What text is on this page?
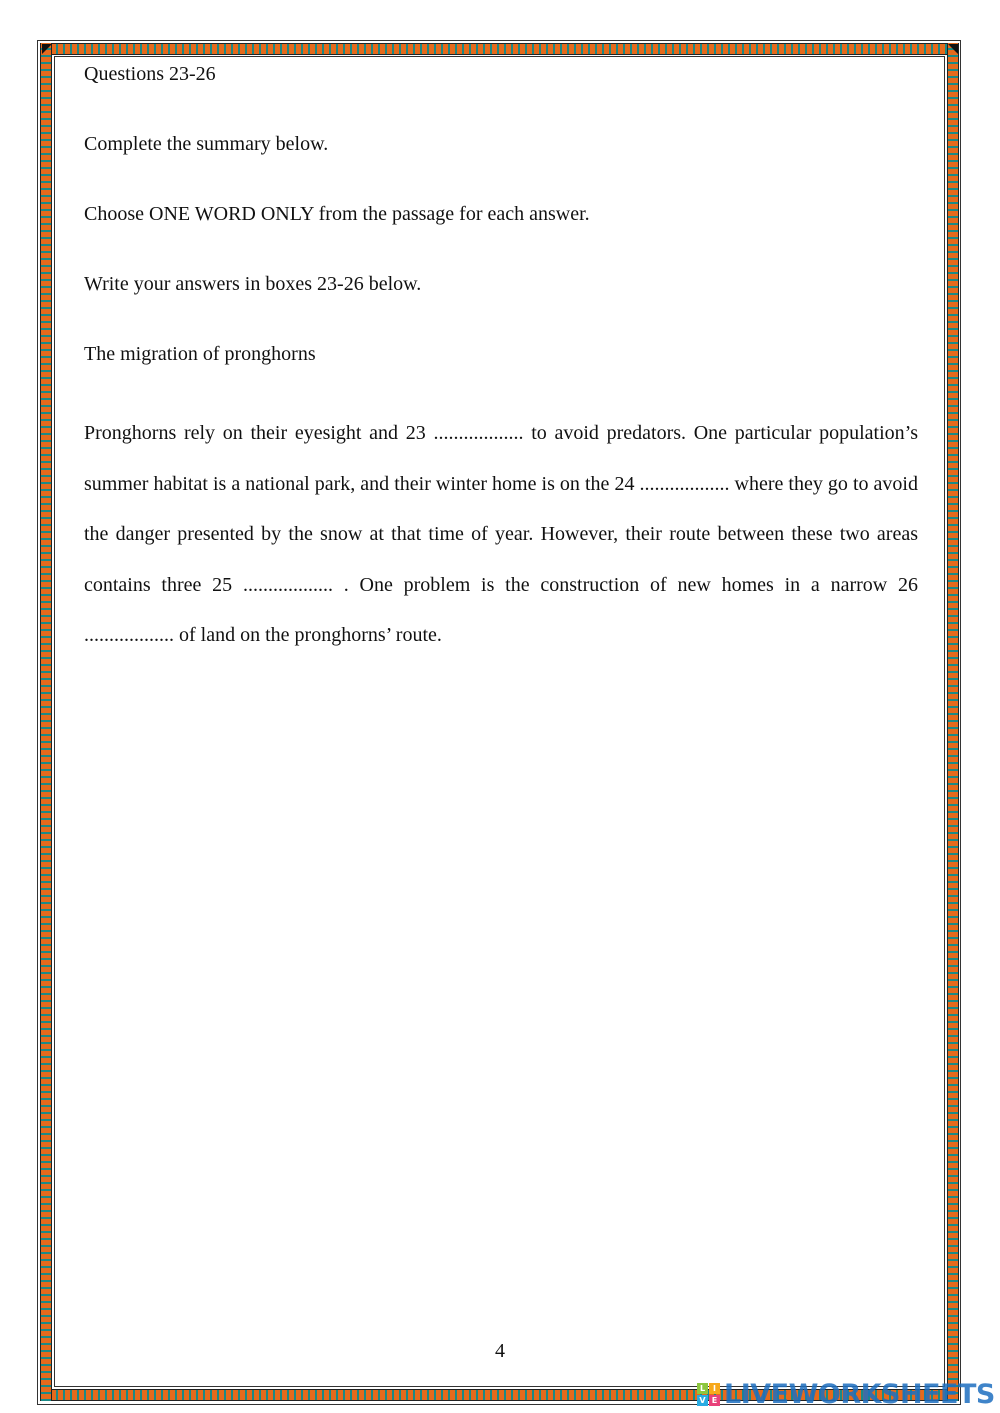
Questions 23-26

Complete the summary below.

Choose ONE WORD ONLY from the passage for each answer.

Write your answers in boxes 23-26 below.

The migration of pronghorns

Pronghorns rely on their eyesight and 23 .................. to avoid predators. One particular population’s summer habitat is a national park, and their winter home is on the 24 .................. where they go to avoid the danger presented by the snow at that time of year. However, their route between these two areas contains three 25 .................. . One problem is the construction of new homes in a narrow 26 .................. of land on the pronghorns’ route.

4
L I
V E LIVEWORKSHEETS
